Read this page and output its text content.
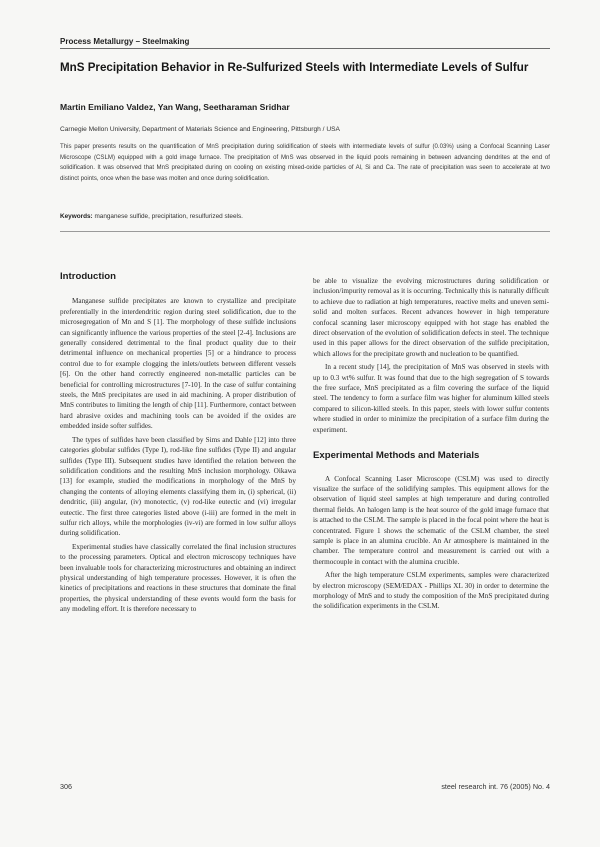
Process Metallurgy – Steelmaking
MnS Precipitation Behavior in Re-Sulfurized Steels with Intermediate Levels of Sulfur
Martin Emiliano Valdez, Yan Wang, Seetharaman Sridhar
Carnegie Mellon University, Department of Materials Science and Engineering, Pittsburgh / USA
This paper presents results on the quantification of MnS precipitation during solidification of steels with intermediate levels of sulfur (0.03%) using a Confocal Scanning Laser Microscope (CSLM) equipped with a gold image furnace. The precipitation of MnS was observed in the liquid pools remaining in between advancing dendrites at the end of solidification. It was observed that MnS precipitated during on cooling on existing mixed-oxide particles of Al, Si and Ca. The rate of precipitation was seen to accelerate at two distinct points, once when the base was molten and once during solidification.
Keywords: manganese sulfide, precipitation, resulfurized steels.
Introduction

Manganese sulfide precipitates are known to crystallize and precipitate preferentially in the interdendritic region during steel solidification, due to the microsegregation of Mn and S [1]. The morphology of these sulfide inclusions can significantly influence the various properties of the steel [2-4]. Inclusions are generally considered detrimental to the final product quality due to their detrimental influence on mechanical properties [5] or a hindrance to process control due to for example clogging the inlets/outlets between different vessels [6]. On the other hand correctly engineered non-metallic particles can be beneficial for controlling microstructures [7-10]. In the case of sulfur containing steels, the MnS precipitates are used in aid machining. A proper distribution of MnS contributes to limiting the length of chip [11]. Furthermore, contact between hard abrasive oxides and machining tools can be avoided if the oxides are embedded inside softer sulfides.

The types of sulfides have been classified by Sims and Dahle [12] into three categories globular sulfides (Type I), rod-like fine sulfides (Type II) and angular sulfides (Type III). Subsequent studies have identified the relation between the solidification conditions and the resulting MnS inclusion morphology. Oikawa [13] for example, studied the modifications in morphology of the MnS by changing the contents of alloying elements classifying them in, (i) spherical, (ii) dendritic, (iii) angular, (iv) monotectic, (v) rod-like eutectic and (vi) irregular eutectic. The first three categories listed above (i-iii) are formed in the melt in sulfur rich alloys, while the morphologies (iv-vi) are formed in low sulfur alloys during solidification.

Experimental studies have classically correlated the final inclusion structures to the processing parameters. Optical and electron microscopy techniques have been invaluable tools for characterizing microstructures and obtaining an indirect physical understanding of high temperature processes. However, it is often the kinetics of precipitations and reactions in these structures that dominate the final properties, the physical understanding of these events would form the basis for any modeling effort. It is therefore necessary to

be able to visualize the evolving microstructures during solidification or inclusion/impurity removal as it is occurring. Technically this is naturally difficult to achieve due to radiation at high temperatures, reactive melts and uneven semi-solid and molten surfaces. Recent advances however in high temperature confocal scanning laser microscopy equipped with hot stage has enabled the direct observation of the evolution of solidification defects in steel. The technique used in this paper allows for the direct observation of the sulfide precipitation, which allows for the precipitate growth and nucleation to be quantified.

In a recent study [14], the precipitation of MnS was observed in steels with up to 0.3 wt% sulfur. It was found that due to the high segregation of S towards the free surface, MnS precipitated as a film covering the surface of the liquid steel. The tendency to form a surface film was higher for aluminum killed steels compared to silicon-killed steels. In this paper, steels with lower sulfur contents where studied in order to minimize the precipitation of a surface film during the experiment.

Experimental Methods and Materials

A Confocal Scanning Laser Microscope (CSLM) was used to directly visualize the surface of the solidifying samples. This equipment allows for the observation of liquid steel samples at high temperature and during controlled thermal fields. An halogen lamp is the heat source of the gold image furnace that is attached to the CSLM. The sample is placed in the focal point where the heat is concentrated. Figure 1 shows the schematic of the CSLM chamber, the steel sample is place in an alumina crucible. An Ar atmosphere is maintained in the chamber. The temperature control and measurement is carried out with a thermocouple in contact with the alumina crucible.

After the high temperature CSLM experiments, samples were characterized by electron microscopy (SEM/EDAX - Phillips XL 30) in order to determine the morphology of MnS and to study the composition of the MnS precipitated during the solidification experiments in the CSLM.

306	steel research int. 76 (2005) No. 4
